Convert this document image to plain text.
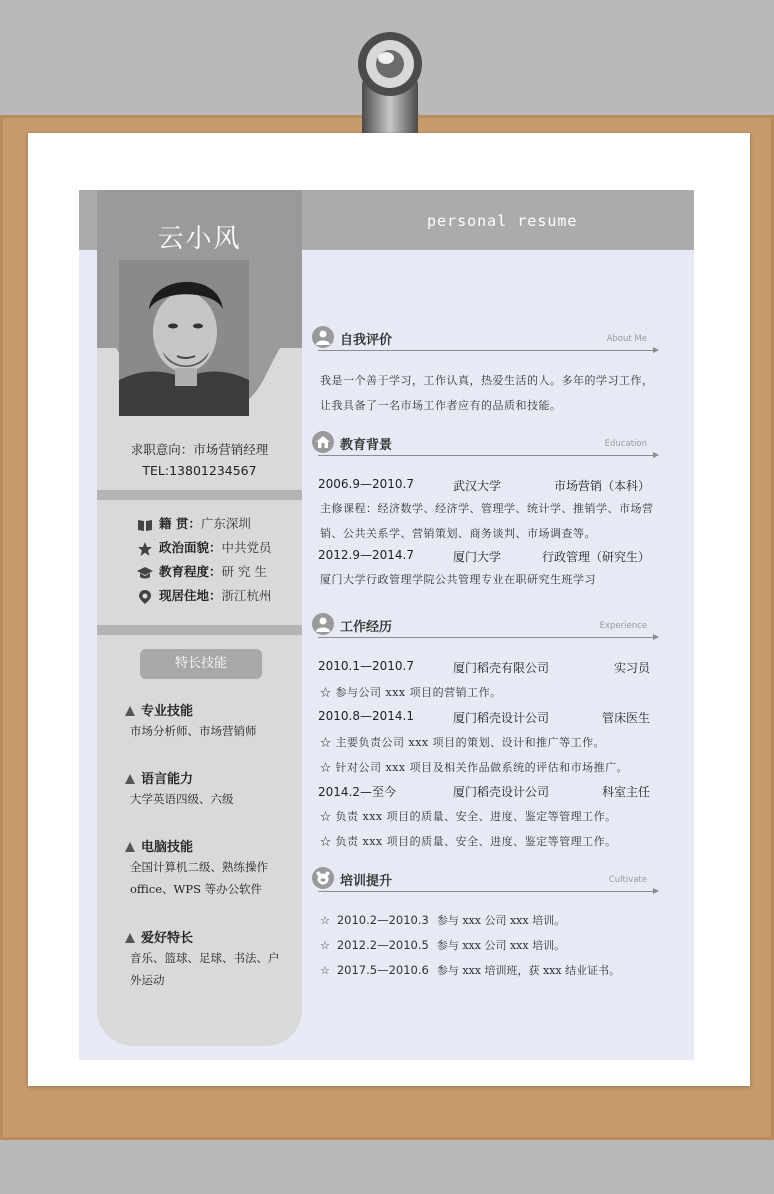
personal resume
云小风
求职意向：市场营销经理
TEL:13801234567
籍 贯：广东深圳
政治面貌：中共党员
教育程度：研 究 生
现居住地：浙江杭州
特长技能
专业技能
市场分析师、市场营销师
语言能力
大学英语四级、六级
电脑技能
全国计算机二级、熟练操作 office、WPS 等办公软件
爱好特长
音乐、篮球、足球、书法、户外运动
自我评价	About Me
我是一个善于学习，工作认真，热爱生活的人。多年的学习工作，让我具备了一名市场工作者应有的品质和技能。
教育背景	Education
2006.9—2010.7	武汉大学	市场营销（本科）
主修课程：经济数学、经济学、管理学、统计学、推销学、市场营销、公共关系学、营销策划、商务谈判、市场调查等。
2012.9—2014.7	厦门大学	行政管理（研究生）
厦门大学行政管理学院公共管理专业在职研究生班学习
工作经历	Experience
2010.1—2010.7	厦门稻壳有限公司	实习员
☆ 参与公司 xxx 项目的营销工作。
2010.8—2014.1	厦门稻壳设计公司	管床医生
☆ 主要负责公司 xxx 项目的策划、设计和推广等工作。
☆ 针对公司 xxx 项目及相关作品做系统的评估和市场推广。
2014.2—至今	厦门稻壳设计公司	科室主任
☆ 负责 xxx 项目的质量、安全、进度、鉴定等管理工作。
☆ 负责 xxx 项目的质量、安全、进度、鉴定等管理工作。
培训提升	Cultivate
☆  2010.2—2010.3 参与 xxx 公司 xxx 培训。
☆  2012.2—2010.5 参与 xxx 公司 xxx 培训。
☆  2017.5—2010.6 参与 xxx 培训班，获 xxx 结业证书。
